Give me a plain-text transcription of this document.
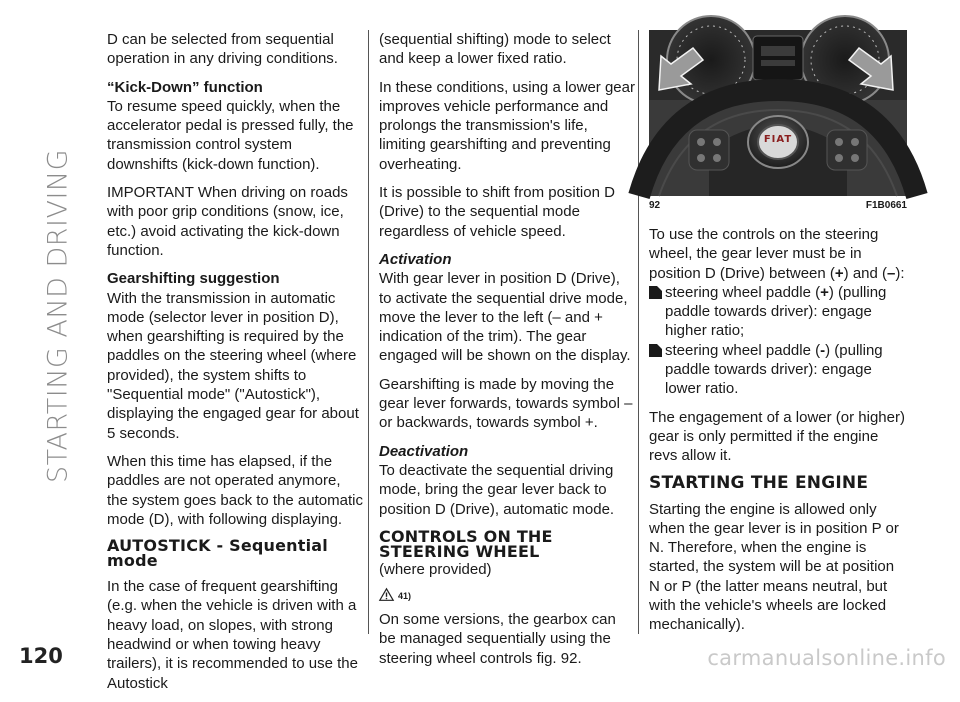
STARTING AND DRIVING

D can be selected from sequential operation in any driving conditions.

“Kick-Down” function

To resume speed quickly, when the accelerator pedal is pressed fully, the transmission control system downshifts (kick-down function).

IMPORTANT When driving on roads with poor grip conditions (snow, ice, etc.) avoid activating the kick-down function.

Gearshifting suggestion

With the transmission in automatic mode (selector lever in position D), when gearshifting is required by the paddles on the steering wheel (where provided), the system shifts to "Sequential mode" ("Autostick"), displaying the engaged gear for about 5 seconds.

When this time has elapsed, if the paddles are not operated anymore, the system goes back to the automatic mode (D), with following displaying.

AUTOSTICK - Sequential
mode

In the case of frequent gearshifting (e.g. when the vehicle is driven with a heavy load, on slopes, with strong headwind or when towing heavy trailers), it is recommended to use the Autostick

(sequential shifting) mode to select and keep a lower fixed ratio.

In these conditions, using a lower gear improves vehicle performance and prolongs the transmission's life, limiting gearshifting and preventing overheating.

It is possible to shift from position D (Drive) to the sequential mode regardless of vehicle speed.

Activation

With gear lever in position D (Drive), to activate the sequential drive mode, move the lever to the left (– and + indication of the trim). The gear engaged will be shown on the display.

Gearshifting is made by moving the gear lever forwards, towards symbol – or backwards, towards symbol +.

Deactivation

To deactivate the sequential driving mode, bring the gear lever back to position D (Drive), automatic mode.

CONTROLS ON THE
STEERING WHEEL

(where provided)

41)

On some versions, the gearbox can be managed sequentially using the steering wheel controls fig. 92.

FIAT
92	F1B0661

To use the controls on the steering wheel, the gear lever must be in position D (Drive) between (+) and (–):

steering wheel paddle (+) (pulling paddle towards driver): engage higher ratio;
steering wheel paddle (-) (pulling paddle towards driver): engage lower ratio.

The engagement of a lower (or higher) gear is only permitted if the engine revs allow it.

STARTING THE ENGINE

Starting the engine is allowed only when the gear lever is in position P or N. Therefore, when the engine is started, the system will be at position N or P (the latter means neutral, but with the vehicle's wheels are locked mechanically).

120	carmanualsonline.info
